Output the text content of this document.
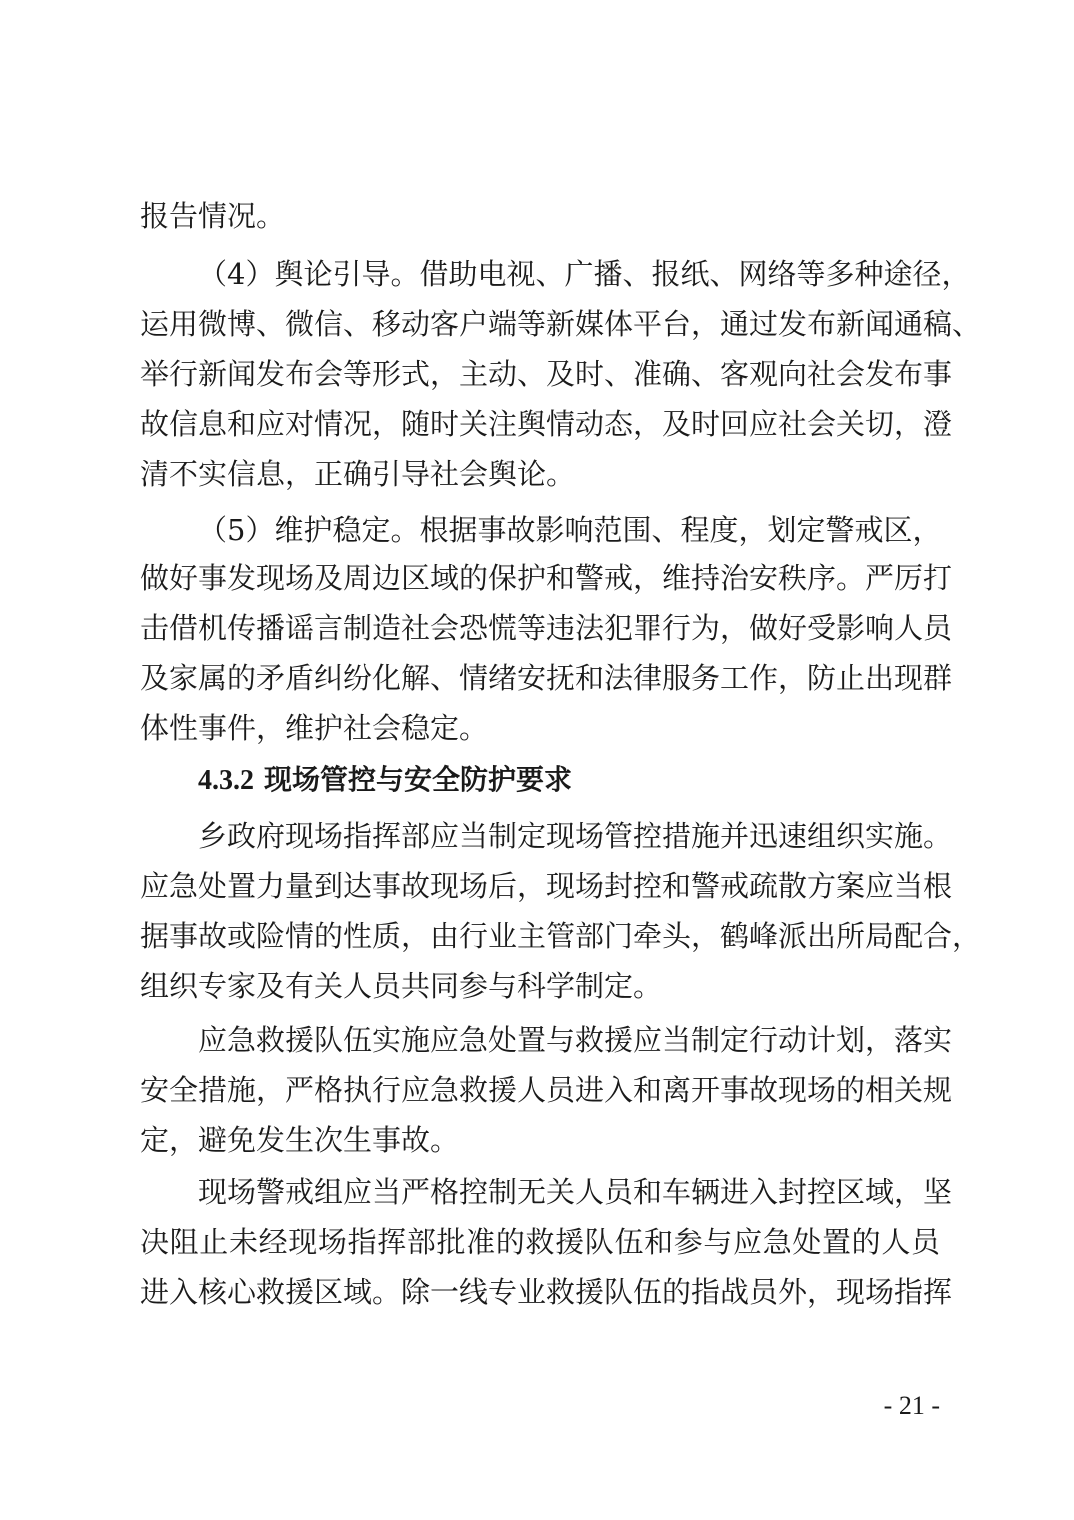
报告情况。
（4）舆论引导。借助电视、广播、报纸、网络等多种途径，
运用微博、微信、移动客户端等新媒体平台，通过发布新闻通稿、
举行新闻发布会等形式，主动、及时、准确、客观向社会发布事
故信息和应对情况，随时关注舆情动态，及时回应社会关切，澄
清不实信息，正确引导社会舆论。
（5）维护稳定。根据事故影响范围、程度，划定警戒区，
做好事发现场及周边区域的保护和警戒，维持治安秩序。严厉打
击借机传播谣言制造社会恐慌等违法犯罪行为，做好受影响人员
及家属的矛盾纠纷化解、情绪安抚和法律服务工作，防止出现群
体性事件，维护社会稳定。
4.3.2 现场管控与安全防护要求
乡政府现场指挥部应当制定现场管控措施并迅速组织实施。
应急处置力量到达事故现场后，现场封控和警戒疏散方案应当根
据事故或险情的性质，由行业主管部门牵头，鹤峰派出所局配合，
组织专家及有关人员共同参与科学制定。
应急救援队伍实施应急处置与救援应当制定行动计划，落实
安全措施，严格执行应急救援人员进入和离开事故现场的相关规
定，避免发生次生事故。
现场警戒组应当严格控制无关人员和车辆进入封控区域，坚
决阻止未经现场指挥部批准的救援队伍和参与应急处置的人员
进入核心救援区域。除一线专业救援队伍的指战员外，现场指挥
- 21 -
